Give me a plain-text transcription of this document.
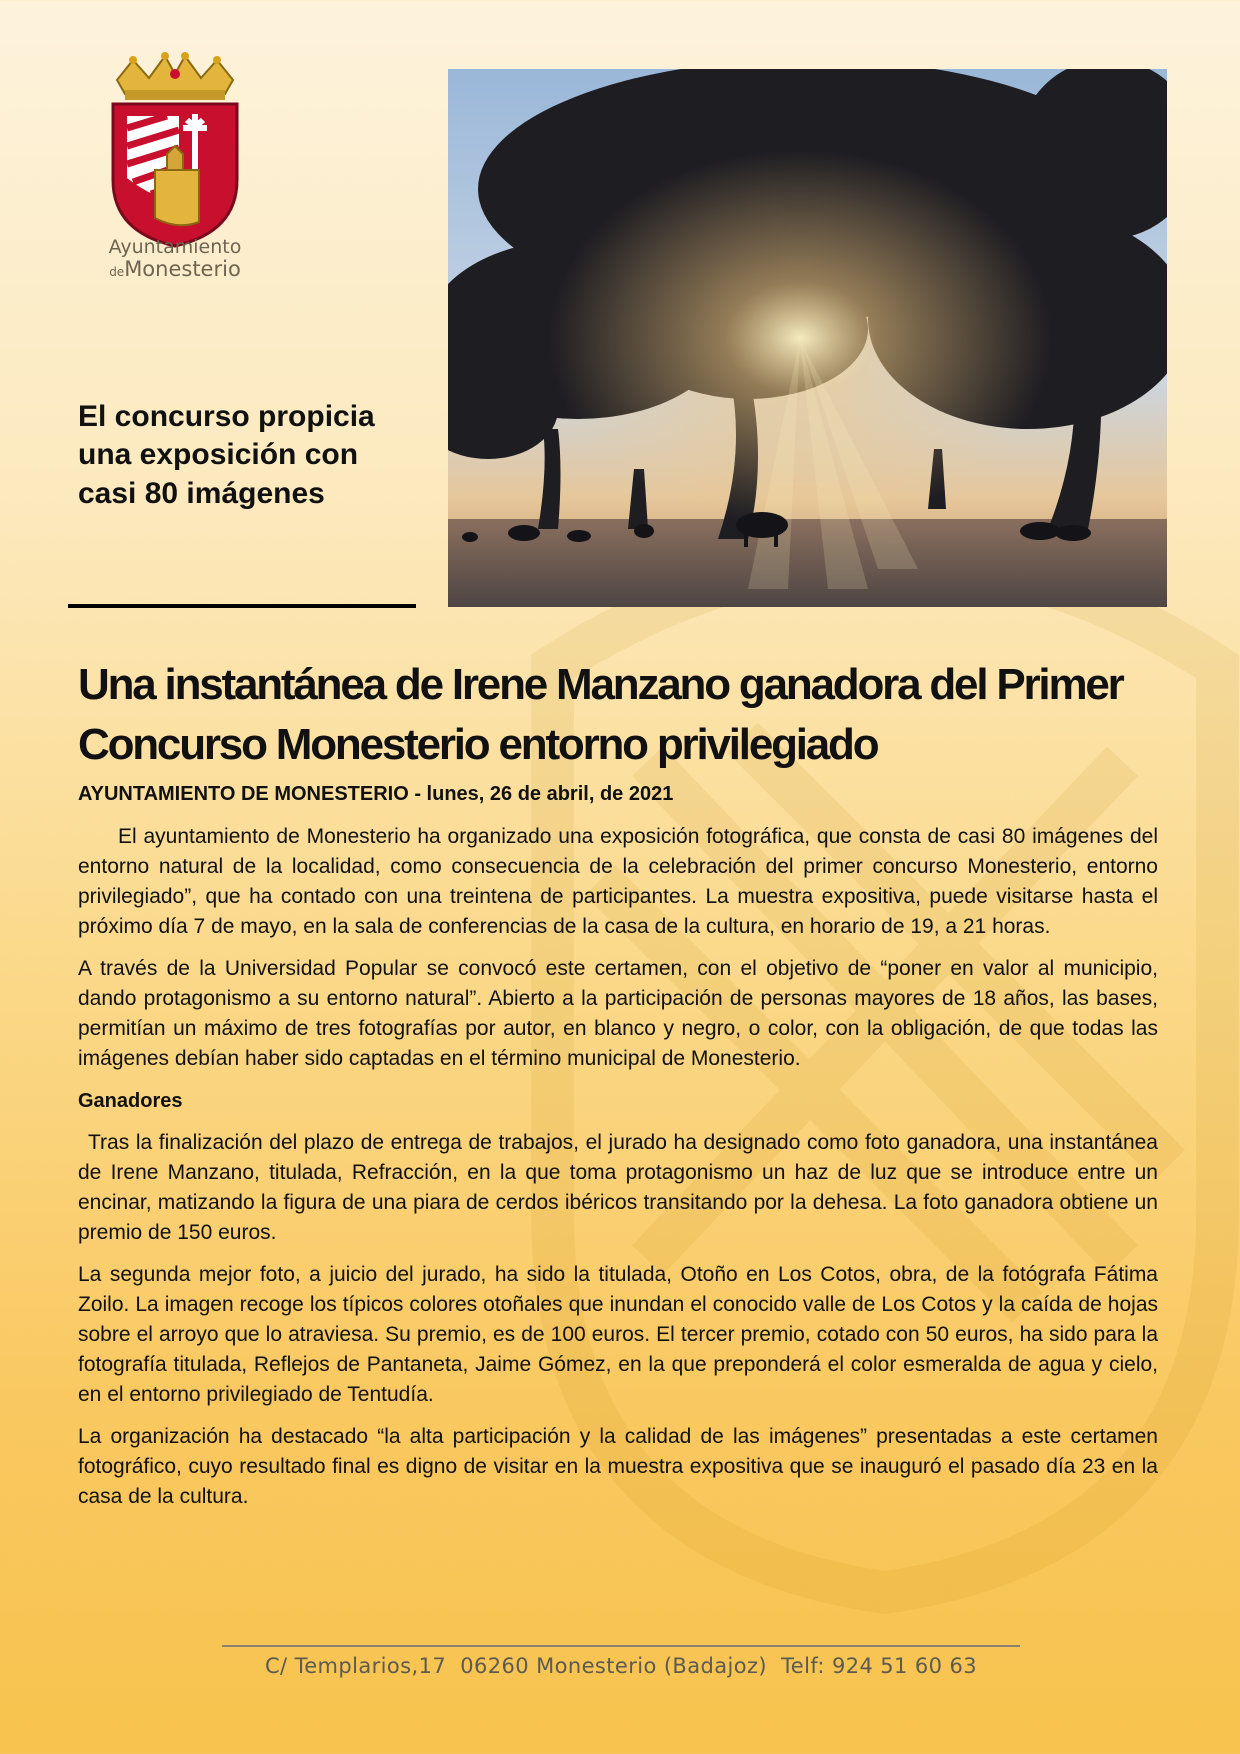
Ayuntamiento
deMonesterio
El concurso propicia una exposición con casi 80 imágenes
Una instantánea de Irene Manzano ganadora del Primer Concurso Monesterio entorno privilegiado
AYUNTAMIENTO DE MONESTERIO - lunes, 26 de abril, de 2021

El ayuntamiento de Monesterio ha organizado una exposición fotográfica, que consta de casi 80 imágenes del entorno natural de la localidad, como consecuencia de la celebración del primer concurso Monesterio, entorno privilegiado”, que ha contado con una treintena de participantes. La muestra expositiva, puede visitarse hasta el próximo día 7 de mayo, en la sala de conferencias de la casa de la cultura, en horario de 19, a 21 horas.

A través de la Universidad Popular se convocó este certamen, con el objetivo de “poner en valor al municipio, dando protagonismo a su entorno natural”. Abierto a la participación de personas mayores de 18 años, las bases, permitían un máximo de tres fotografías por autor, en blanco y negro, o color, con la obligación, de que todas las imágenes debían haber sido captadas en el término municipal de Monesterio.

Ganadores

Tras la finalización del plazo de entrega de trabajos, el jurado ha designado como foto ganadora, una instantánea de Irene Manzano, titulada, Refracción, en la que toma protagonismo un haz de luz que se introduce entre un encinar, matizando la figura de una piara de cerdos ibéricos transitando por la dehesa. La foto ganadora obtiene un premio de 150 euros.

La segunda mejor foto, a juicio del jurado, ha sido la titulada, Otoño en Los Cotos, obra, de la fotógrafa Fátima Zoilo. La imagen recoge los típicos colores otoñales que inundan el conocido valle de Los Cotos y la caída de hojas sobre el arroyo que lo atraviesa. Su premio, es de 100 euros. El tercer premio, cotado con 50 euros, ha sido para la fotografía titulada, Reflejos de Pantaneta, Jaime Gómez, en la que preponderá el color esmeralda de agua y cielo, en el entorno privilegiado de Tentudía.

La organización ha destacado “la alta participación y la calidad de las imágenes” presentadas a este certamen fotográfico, cuyo resultado final es digno de visitar en la muestra expositiva que se inauguró el pasado día 23 en la casa de la cultura.

C/ Templarios,17  06260 Monesterio (Badajoz)  Telf: 924 51 60 63
